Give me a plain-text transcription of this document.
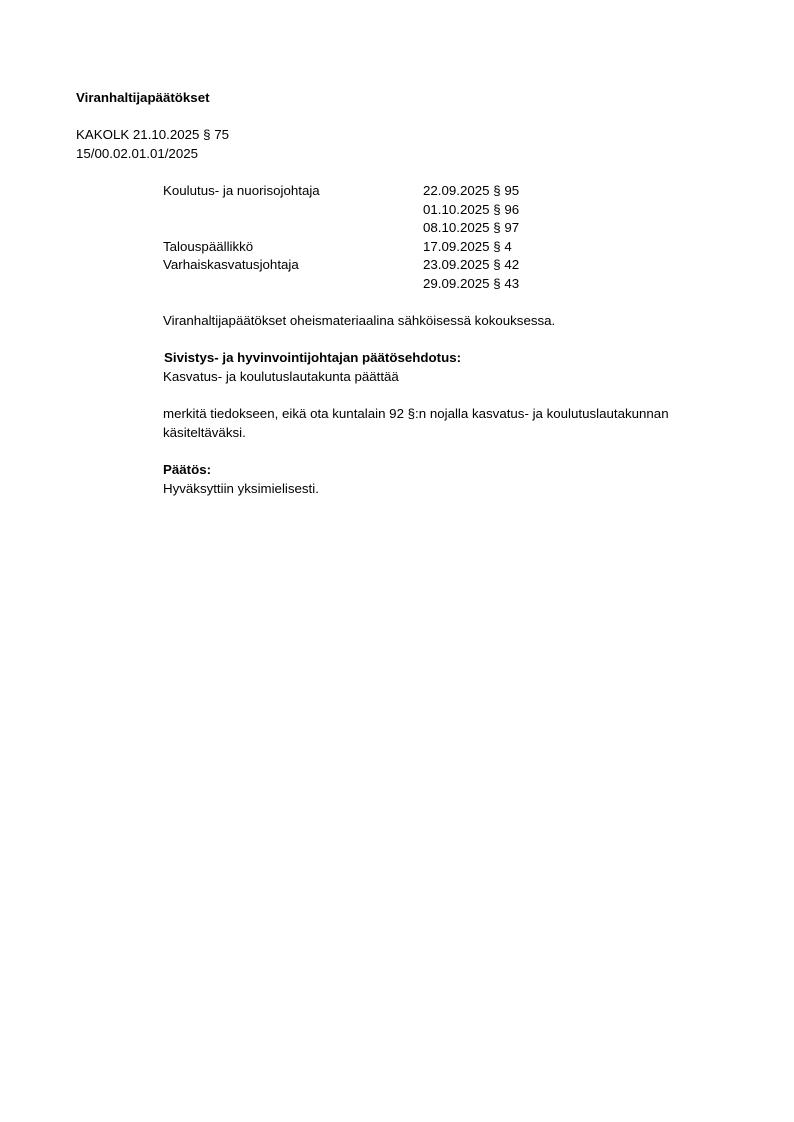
Viranhaltijapäätökset
KAKOLK 21.10.2025 § 75
15/00.02.01.01/2025
Koulutus- ja nuorisojohtaja	22.09.2025 § 95
01.10.2025 § 96
08.10.2025 § 97
Talouspäällikkö	17.09.2025 § 4
Varhaiskasvatusjohtaja	23.09.2025 § 42
29.09.2025 § 43
Viranhaltijapäätökset oheismateriaalina sähköisessä kokouksessa.
Sivistys- ja hyvinvointijohtajan päätösehdotus:
Kasvatus- ja koulutuslautakunta päättää
merkitä tiedokseen, eikä ota kuntalain 92 §:n nojalla kasvatus- ja koulutuslautakunnan käsiteltäväksi.
Päätös:
Hyväksyttiin yksimielisesti.
